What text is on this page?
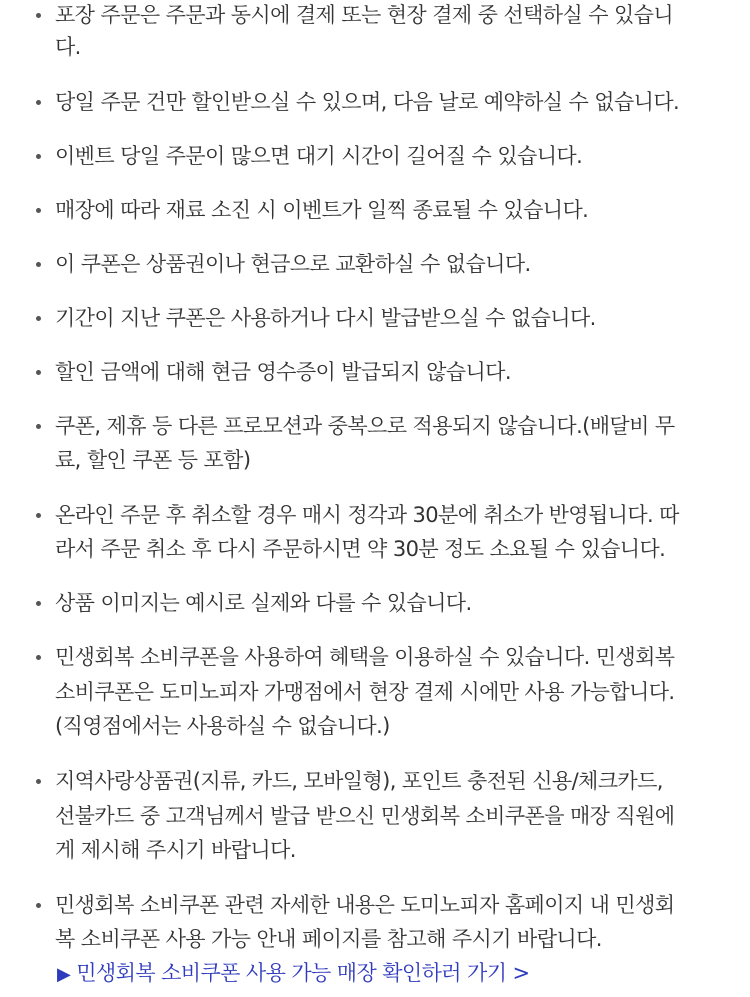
포장 주문은 주문과 동시에 결제 또는 현장 결제 중 선택하실 수 있습니
다.
당일 주문 건만 할인받으실 수 있으며, 다음 날로 예약하실 수 없습니다.
이벤트 당일 주문이 많으면 대기 시간이 길어질 수 있습니다.
매장에 따라 재료 소진 시 이벤트가 일찍 종료될 수 있습니다.
이 쿠폰은 상품권이나 현금으로 교환하실 수 없습니다.
기간이 지난 쿠폰은 사용하거나 다시 발급받으실 수 없습니다.
할인 금액에 대해 현금 영수증이 발급되지 않습니다.
쿠폰, 제휴 등 다른 프로모션과 중복으로 적용되지 않습니다.(배달비 무
료, 할인 쿠폰 등 포함)
온라인 주문 후 취소할 경우 매시 정각과 30분에 취소가 반영됩니다. 따
라서 주문 취소 후 다시 주문하시면 약 30분 정도 소요될 수 있습니다.
상품 이미지는 예시로 실제와 다를 수 있습니다.
민생회복 소비쿠폰을 사용하여 혜택을 이용하실 수 있습니다. 민생회복
소비쿠폰은 도미노피자 가맹점에서 현장 결제 시에만 사용 가능합니다.
(직영점에서는 사용하실 수 없습니다.)
지역사랑상품권(지류, 카드, 모바일형), 포인트 충전된 신용/체크카드,
선불카드 중 고객님께서 발급 받으신 민생회복 소비쿠폰을 매장 직원에
게 제시해 주시기 바랍니다.
민생회복 소비쿠폰 관련 자세한 내용은 도미노피자 홈페이지 내 민생회
복 소비쿠폰 사용 가능 안내 페이지를 참고해 주시기 바랍니다.
▶ 민생회복 소비쿠폰 사용 가능 매장 확인하러 가기 >
